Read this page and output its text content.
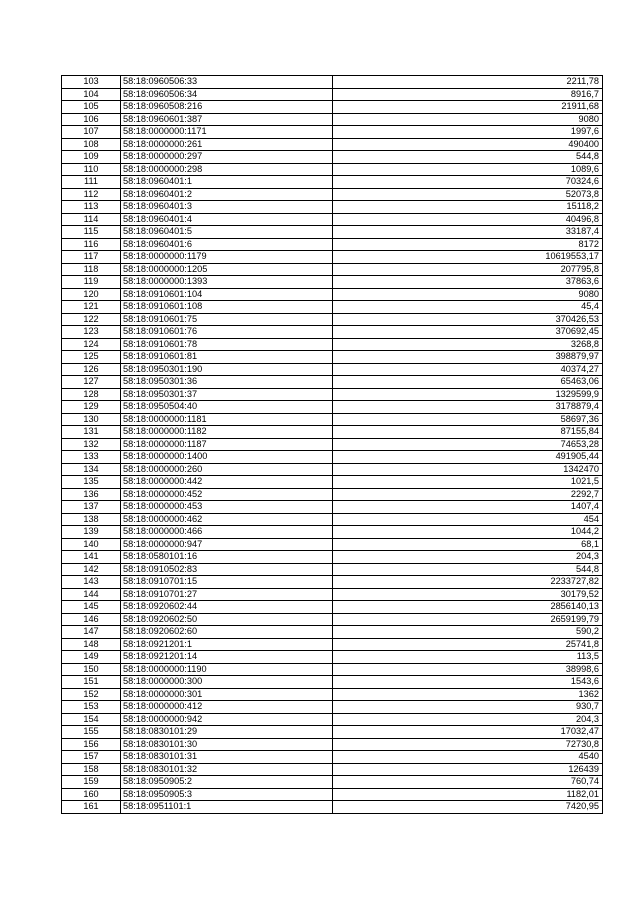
103	58:18:0960506:33	2211,78
104	58:18:0960506:34	8916,7
105	58:18:0960508:216	21911,68
106	58:18:0960601:387	9080
107	58:18:0000000:1171	1997,6
108	58:18:0000000:261	490400
109	58:18:0000000:297	544,8
110	58:18:0000000:298	1089,6
111	58:18:0960401:1	70324,6
112	58:18:0960401:2	52073,8
113	58:18:0960401:3	15118,2
114	58:18:0960401:4	40496,8
115	58:18:0960401:5	33187,4
116	58:18:0960401:6	8172
117	58:18:0000000:1179	10619553,17
118	58:18:0000000:1205	207795,8
119	58:18:0000000:1393	37863,6
120	58:18:0910601:104	9080
121	58:18:0910601:108	45,4
122	58:18:0910601:75	370426,53
123	58:18:0910601:76	370692,45
124	58:18:0910601:78	3268,8
125	58:18:0910601:81	398879,97
126	58:18:0950301:190	40374,27
127	58:18:0950301:36	65463,06
128	58:18:0950301:37	1329599,9
129	58:18:0950504:40	3178879,4
130	58:18:0000000:1181	58697,36
131	58:18:0000000:1182	87155,84
132	58:18:0000000:1187	74653,28
133	58:18:0000000:1400	491905,44
134	58:18:0000000:260	1342470
135	58:18:0000000:442	1021,5
136	58:18:0000000:452	2292,7
137	58:18:0000000:453	1407,4
138	58:18:0000000:462	454
139	58:18:0000000:466	1044,2
140	58:18:0000000:947	68,1
141	58:18:0580101:16	204,3
142	58:18:0910502:83	544,8
143	58:18:0910701:15	2233727,82
144	58:18:0910701:27	30179,52
145	58:18:0920602:44	2856140,13
146	58:18:0920602:50	2659199,79
147	58:18:0920602:60	590,2
148	58:18:0921201:1	25741,8
149	58:18:0921201:14	113,5
150	58:18:0000000:1190	38998,6
151	58:18:0000000:300	1543,6
152	58:18:0000000:301	1362
153	58:18:0000000:412	930,7
154	58:18:0000000:942	204,3
155	58:18:0830101:29	17032,47
156	58:18:0830101:30	72730,8
157	58:18:0830101:31	4540
158	58:18:0830101:32	126439
159	58:18:0950905:2	760,74
160	58:18:0950905:3	1182,01
161	58:18:0951101:1	7420,95
